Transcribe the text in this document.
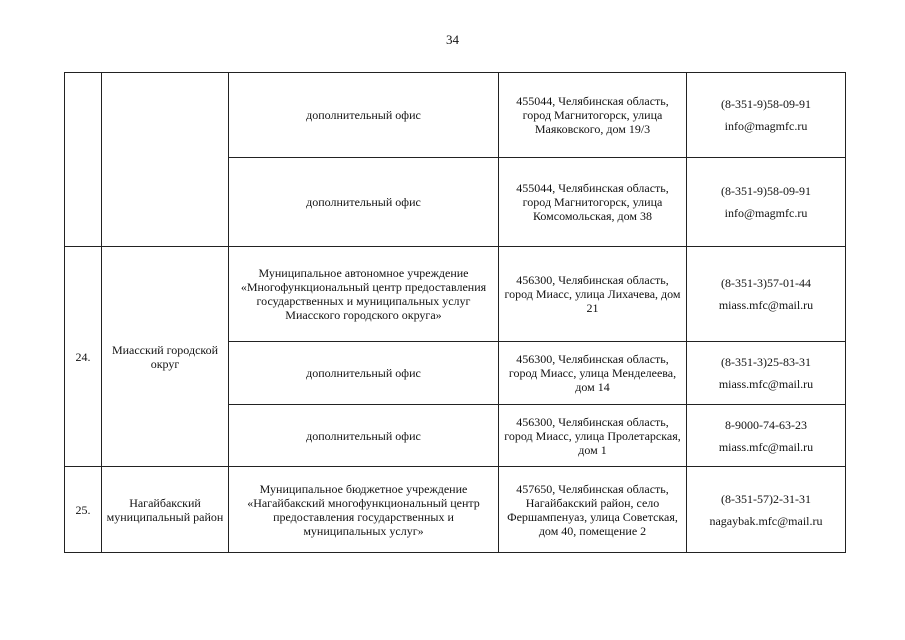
34
		дополнительный офис	455044, Челябинская область, город Магнитогорск, улица Маяковского, дом 19/3	(8-351-9)58-09-91
info@magmfc.ru

		дополнительный офис	455044, Челябинская область, город Магнитогорск, улица Комсомольская, дом 38	(8-351-9)58-09-91
info@magmfc.ru

24.	Миасский городской округ	Муниципальное автономное учреждение «Многофункциональный центр предоставления государственных и муниципальных услуг Миасского городского округа»	456300, Челябинская область, город Миасс, улица Лихачева, дом 21	(8-351-3)57-01-44
miass.mfc@mail.ru

		дополнительный офис	456300, Челябинская область, город Миасс, улица Менделеева, дом 14	(8-351-3)25-83-31
miass.mfc@mail.ru

		дополнительный офис	456300, Челябинская область, город Миасс, улица Пролетарская, дом 1	8-9000-74-63-23
miass.mfc@mail.ru

25.	Нагайбакский муниципальный район	Муниципальное бюджетное учреждение «Нагайбакский многофункциональный центр предоставления государственных и муниципальных услуг»	457650, Челябинская область, Нагайбакский район, село Фершампенуаз, улица Советская, дом 40, помещение 2	(8-351-57)2-31-31
nagaybak.mfc@mail.ru
